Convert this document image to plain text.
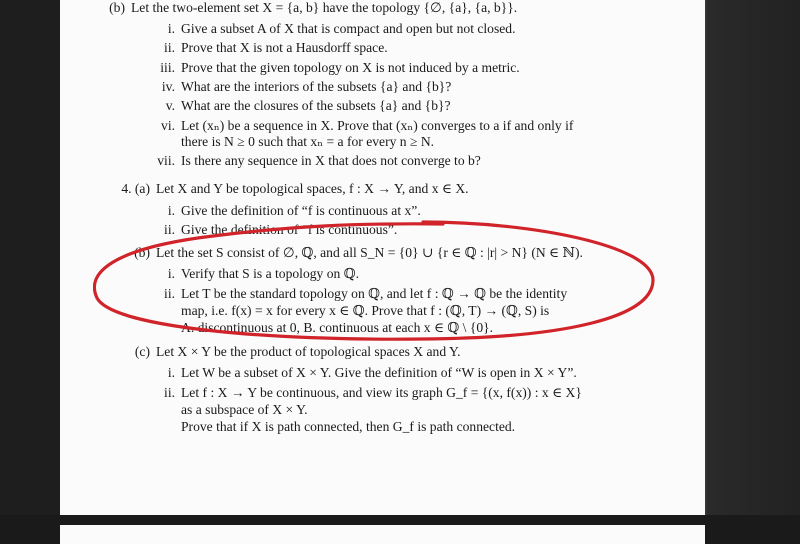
(b) Let the two-element set X = {a, b} have the topology {∅, {a}, {a, b}}.
i. Give a subset A of X that is compact and open but not closed.
ii. Prove that X is not a Hausdorff space.
iii. Prove that the given topology on X is not induced by a metric.
iv. What are the interiors of the subsets {a} and {b}?
v. What are the closures of the subsets {a} and {b}?
vi. Let (xₙ) be a sequence in X. Prove that (xₙ) converges to a if and only if
there is N ≥ 0 such that xₙ = a for every n ≥ N.
vii. Is there any sequence in X that does not converge to b?
4. (a) Let X and Y be topological spaces, f : X → Y, and x ∈ X.
i. Give the definition of “f is continuous at x”.
ii. Give the definition of “f is continuous”.
(b) Let the set S consist of ∅, ℚ, and all S_N = {0} ∪ {r ∈ ℚ : |r| > N} (N ∈ ℕ).
i. Verify that S is a topology on ℚ.
ii. Let T be the standard topology on ℚ, and let f : ℚ → ℚ be the identity
map, i.e. f(x) = x for every x ∈ ℚ. Prove that f : (ℚ, T) → (ℚ, S) is
A. discontinuous at 0, B. continuous at each x ∈ ℚ \ {0}.
(c) Let X × Y be the product of topological spaces X and Y.
i. Let W be a subset of X × Y. Give the definition of “W is open in X × Y”.
ii. Let f : X → Y be continuous, and view its graph G_f = {(x, f(x)) : x ∈ X}
as a subspace of X × Y.
Prove that if X is path connected, then G_f is path connected.
